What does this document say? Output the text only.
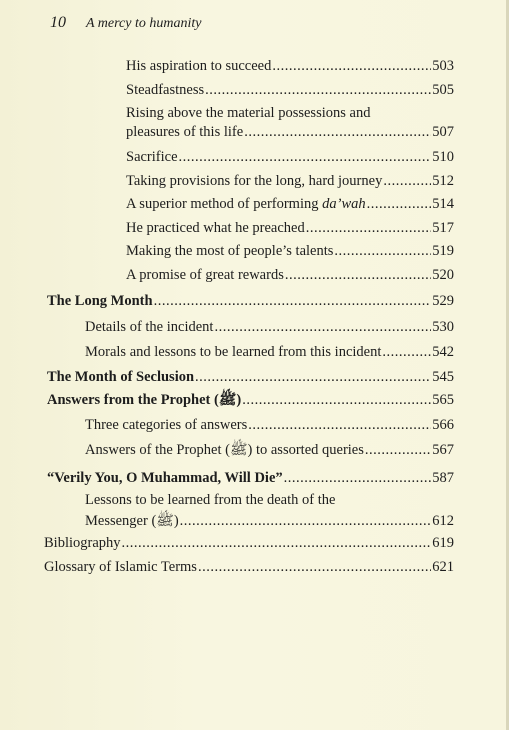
10 A mercy to humanity
His aspiration to succeed .....	503
Steadfastness .....	505
Rising above the material possessions and
pleasures of this life .....	507
Sacrifice .....	510
Taking provisions for the long, hard journey .....	512
A superior method of performing da’wah .....	514
He practiced what he preached .....	517
Making the most of people’s talents .....	519
A promise of great rewards .....	520
The Long Month .....	529
Details of the incident .....	530
Morals and lessons to be learned from this incident .....	542
The Month of Seclusion .....	545
Answers from the Prophet (ﷺ) .....	565
Three categories of answers .....	566
Answers of the Prophet (ﷺ) to assorted queries .....	567
“Verily You, O Muhammad, Will Die” .....	587
Lessons to be learned from the death of the
Messenger (ﷺ) .....	612
Bibliography .....	619
Glossary of Islamic Terms .....	621
